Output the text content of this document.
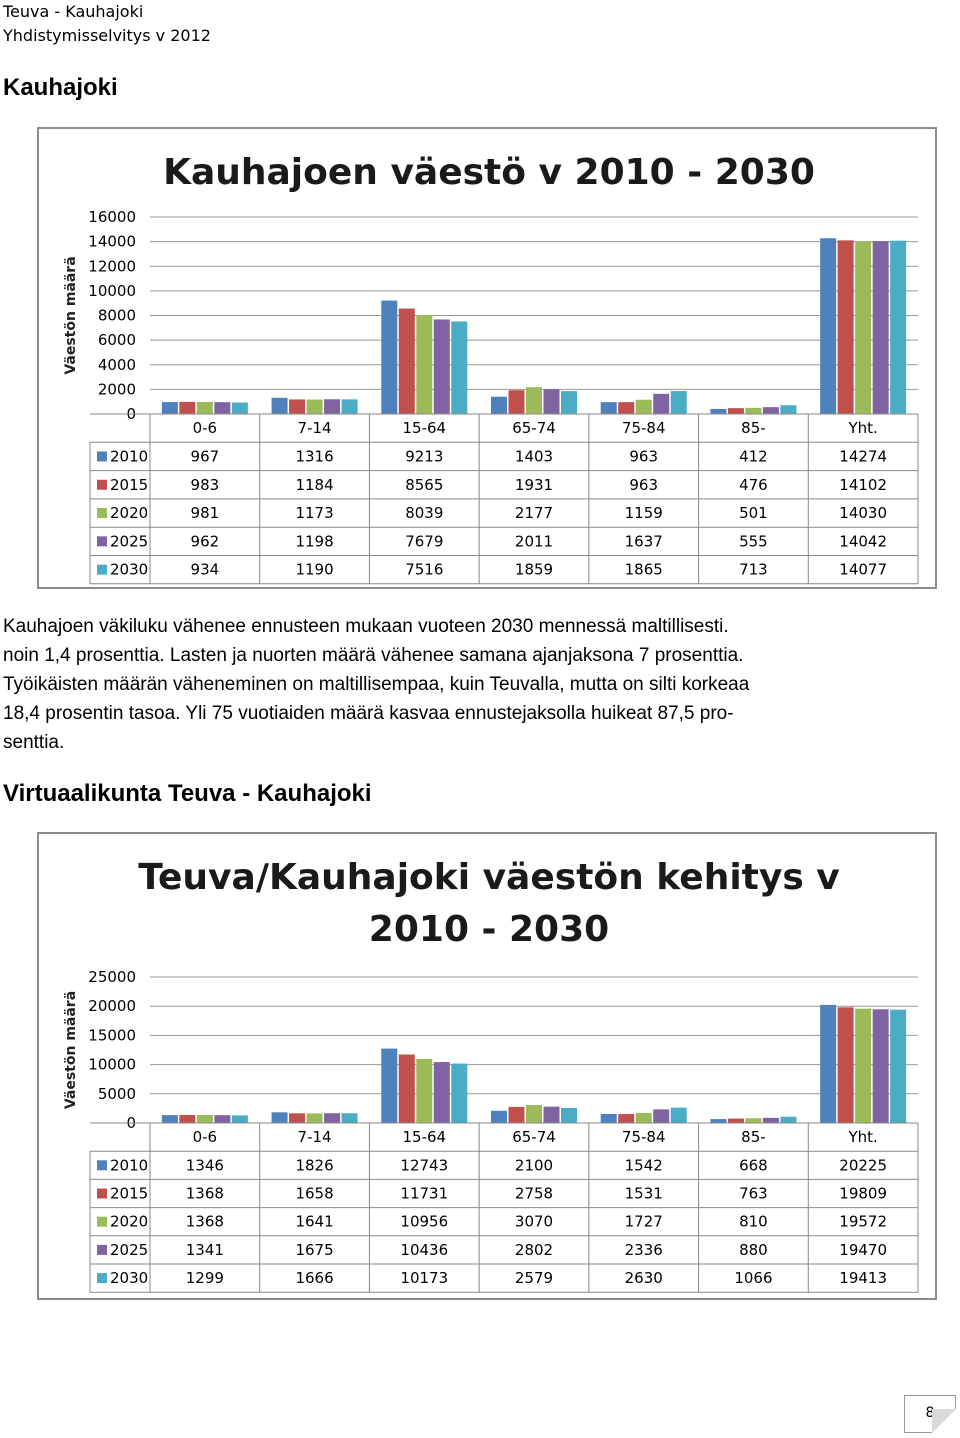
Teuva - Kauhajoki
Yhdistymisselvitys v 2012
Kauhajoki
Kauhajoen väestö v 2010 - 2030
Väestön määrä
16000
14000
12000
10000
8000
6000
4000
2000
0
0-6	7-14	15-64	65-74	75-84	85-	Yht.
2010	967	1316	9213	1403	963	412	14274
2015	983	1184	8565	1931	963	476	14102
2020	981	1173	8039	2177	1159	501	14030
2025	962	1198	7679	2011	1637	555	14042
2030	934	1190	7516	1859	1865	713	14077
Kauhajoen väkiluku vähenee ennusteen mukaan vuoteen 2030 mennessä maltillisesti.
noin 1,4 prosenttia. Lasten ja nuorten määrä vähenee samana ajanjaksona 7 prosenttia.
Työikäisten määrän väheneminen on maltillisempaa, kuin Teuvalla, mutta on silti korkeaa
18,4 prosentin tasoa. Yli 75 vuotiaiden määrä kasvaa ennustejaksolla huikeat 87,5 pro-
senttia.
Virtuaalikunta Teuva - Kauhajoki
Teuva/Kauhajoki väestön kehitys v
2010 - 2030
Väestön määrä
25000
20000
15000
10000
5000
0
0-6	7-14	15-64	65-74	75-84	85-	Yht.
2010	1346	1826	12743	2100	1542	668	20225
2015	1368	1658	11731	2758	1531	763	19809
2020	1368	1641	10956	3070	1727	810	19572
2025	1341	1675	10436	2802	2336	880	19470
2030	1299	1666	10173	2579	2630	1066	19413
8
